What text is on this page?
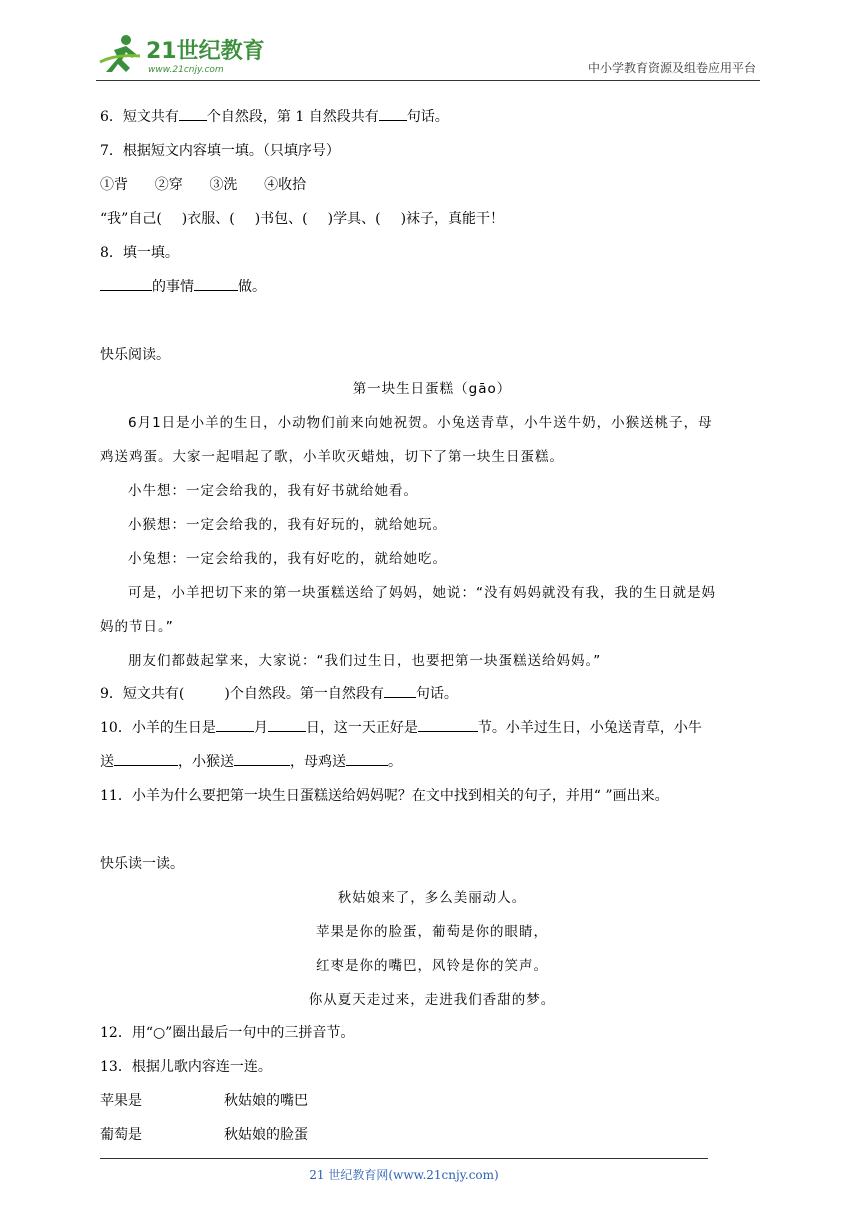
21世纪教育
www.21cnjy.com	中小学教育资源及组卷应用平台
6．短文共有 个自然段，第 1 自然段共有 句话。
7．根据短文内容填一填。（只填序号）
①背 ②穿 ③洗 ④收拾
“我”自己( )衣服、( )书包、( )学具、( )袜子，真能干！
8．填一填。
的事情	做。
快乐阅读。
第一块生日蛋糕（gāo）
6月1日是小羊的生日，小动物们前来向她祝贺。小兔送青草，小牛送牛奶，小猴送桃子，母
鸡送鸡蛋。大家一起唱起了歌，小羊吹灭蜡烛，切下了第一块生日蛋糕。
小牛想：一定会给我的，我有好书就给她看。
小猴想：一定会给我的，我有好玩的，就给她玩。
小兔想：一定会给我的，我有好吃的，就给她吃。
可是，小羊把切下来的第一块蛋糕送给了妈妈，她说：“没有妈妈就没有我，我的生日就是妈
妈的节日。”
朋友们都鼓起掌来，大家说：“我们过生日，也要把第一块蛋糕送给妈妈。”
9．短文共有(	)个自然段。第一自然段有 句话。
10．小羊的生日是	月	日，这一天正好是	节。小羊过生日，小兔送青草，小牛
送	，小猴送	，母鸡送	。
11．小羊为什么要把第一块生日蛋糕送给妈妈呢？在文中找到相关的句子，并用“ ”画出来。
快乐读一读。
秋姑娘来了，多么美丽动人。
苹果是你的脸蛋，葡萄是你的眼睛，
红枣是你的嘴巴，风铃是你的笑声。
你从夏天走过来，走进我们香甜的梦。
12．用“○”圈出最后一句中的三拼音节。
13．根据儿歌内容连一连。
苹果是	秋姑娘的嘴巴
葡萄是	秋姑娘的脸蛋
21 世纪教育网(www.21cnjy.com)
